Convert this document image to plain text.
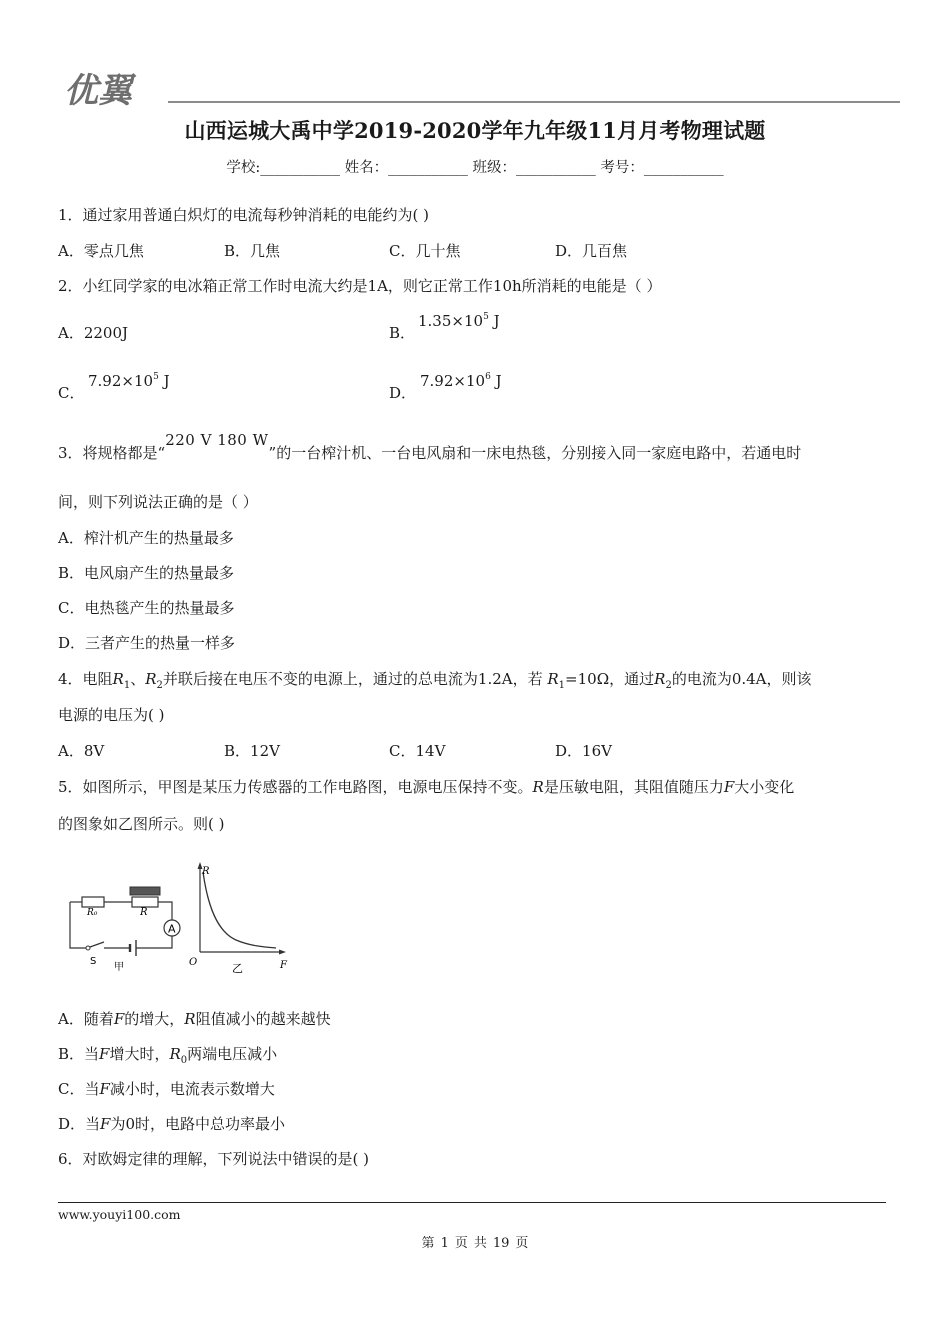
优翼
山西运城大禹中学2019-2020学年九年级11月月考物理试题
学校:___________ 姓名：___________ 班级：___________ 考号：___________
1．通过家用普通白炽灯的电流每秒钟消耗的电能约为( )
A．零点几焦	B．几焦	C．几十焦	D．几百焦
2．小红同学家的电冰箱正常工作时电流大约是1A，则它正常工作10h所消耗的电能是（ ）
A．2200J	B．
$1.35\times 10^5$ J
C．
$7.92\times 10^5$ J
D．
$7.92\times 10^6$ J
3．将规格都是“220 V 180 W”的一台榨汁机、一台电风扇和一床电热毯，分别接入同一家庭电路中，若通电时
间，则下列说法正确的是（ ）
A．榨汁机产生的热量最多
B．电风扇产生的热量最多
C．电热毯产生的热量最多
D．三者产生的热量一样多
4．电阻$R_1$、$R_2$并联后接在电压不变的电源上，通过的总电流为1.2A，若 $R_1=10\Omega$，通过$R_2$的电流为0.4A，则该
电源的电压为( )
A．8V	B．12V	C．14V	D．16V
5．如图所示，甲图是某压力传感器的工作电路图，电源电压保持不变。R是压敏电阻，其阻值随压力F大小变化
的图象如乙图所示。则( )
A
R₀	R
S
甲
R
O	乙	F
A．随着F的增大，R阻值减小的越来越快
B．当F增大时，$R_0$两端电压减小
C．当F减小时，电流表示数增大
D．当F为0时，电路中总功率最小
6．对欧姆定律的理解，下列说法中错误的是( )
www.youyi100.com
第 1 页 共 19 页
